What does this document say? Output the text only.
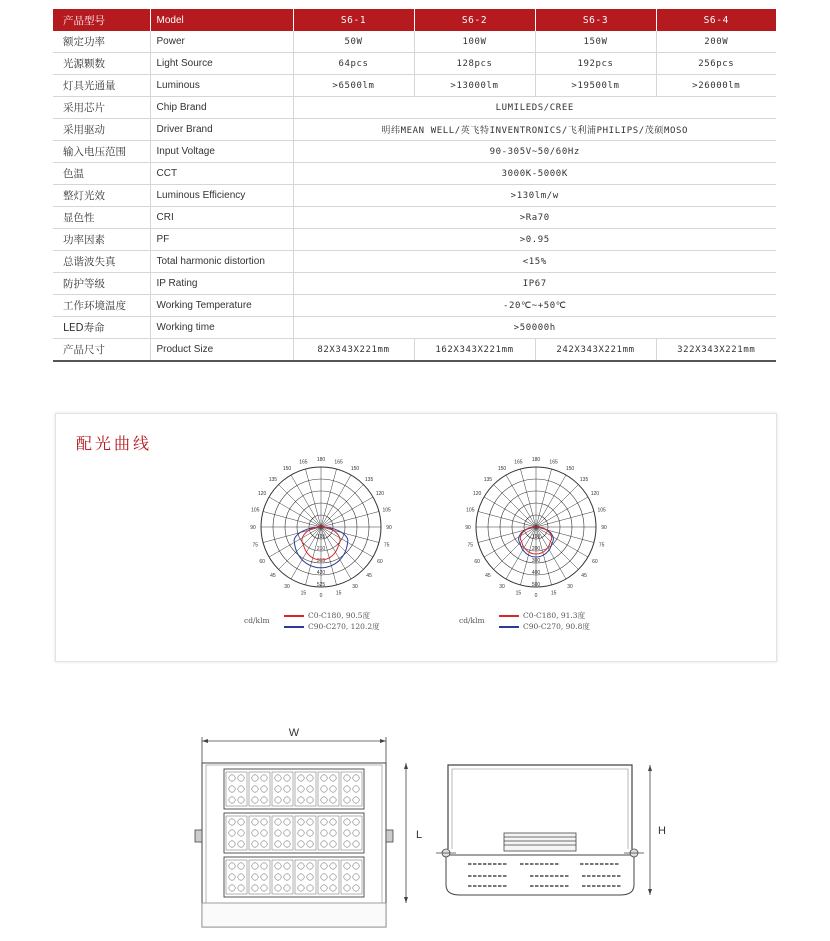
产品型号	Model	S6-1	S6-2	S6-3	S6-4
额定功率	Power	50W	100W	150W	200W
光源颗数	Light Source	64pcs	128pcs	192pcs	256pcs
灯具光通量	Luminous	>6500lm	>13000lm	>19500lm	>26000lm
采用芯片	Chip Brand	LUMILEDS/CREE			
采用驱动	Driver Brand	明纬MEAN WELL/英飞特INVENTRONICS/飞利浦PHILIPS/茂硕MOSO			
输入电压范围	Input Voltage	90-305V~50/60Hz			
色温	CCT	3000K-5000K			
整灯光效	Luminous Efficiency	>130lm/w			
显色性	CRI	>Ra70			
功率因素	PF	>0.95			
总谐波失真	Total harmonic distortion	<15%			
防护等级	IP Rating	IP67			
工作环境温度	Working Temperature	-20℃~+50℃			
LED寿命	Working time	>50000h			
产品尺寸	Product Size	82X343X221mm	162X343X221mm	242X343X221mm	322X343X221mm
配光曲线
0	15
15
30
30
45
45
60
60
75
75
90
90
105
105
120
120
135
135
150
150
165
165 180
105
210
315
420
525
0	15
15
30
30
45
45
60
60
75
75
90
90
105
105
120
120
135
135
150
150
165
165 180
100
200
300
400
500
cd/klm
C0-C180, 90.5度
C90-C270, 120.2度
cd/klm
C0-C180, 91.3度
C90-C270, 90.8度
W
L	H
